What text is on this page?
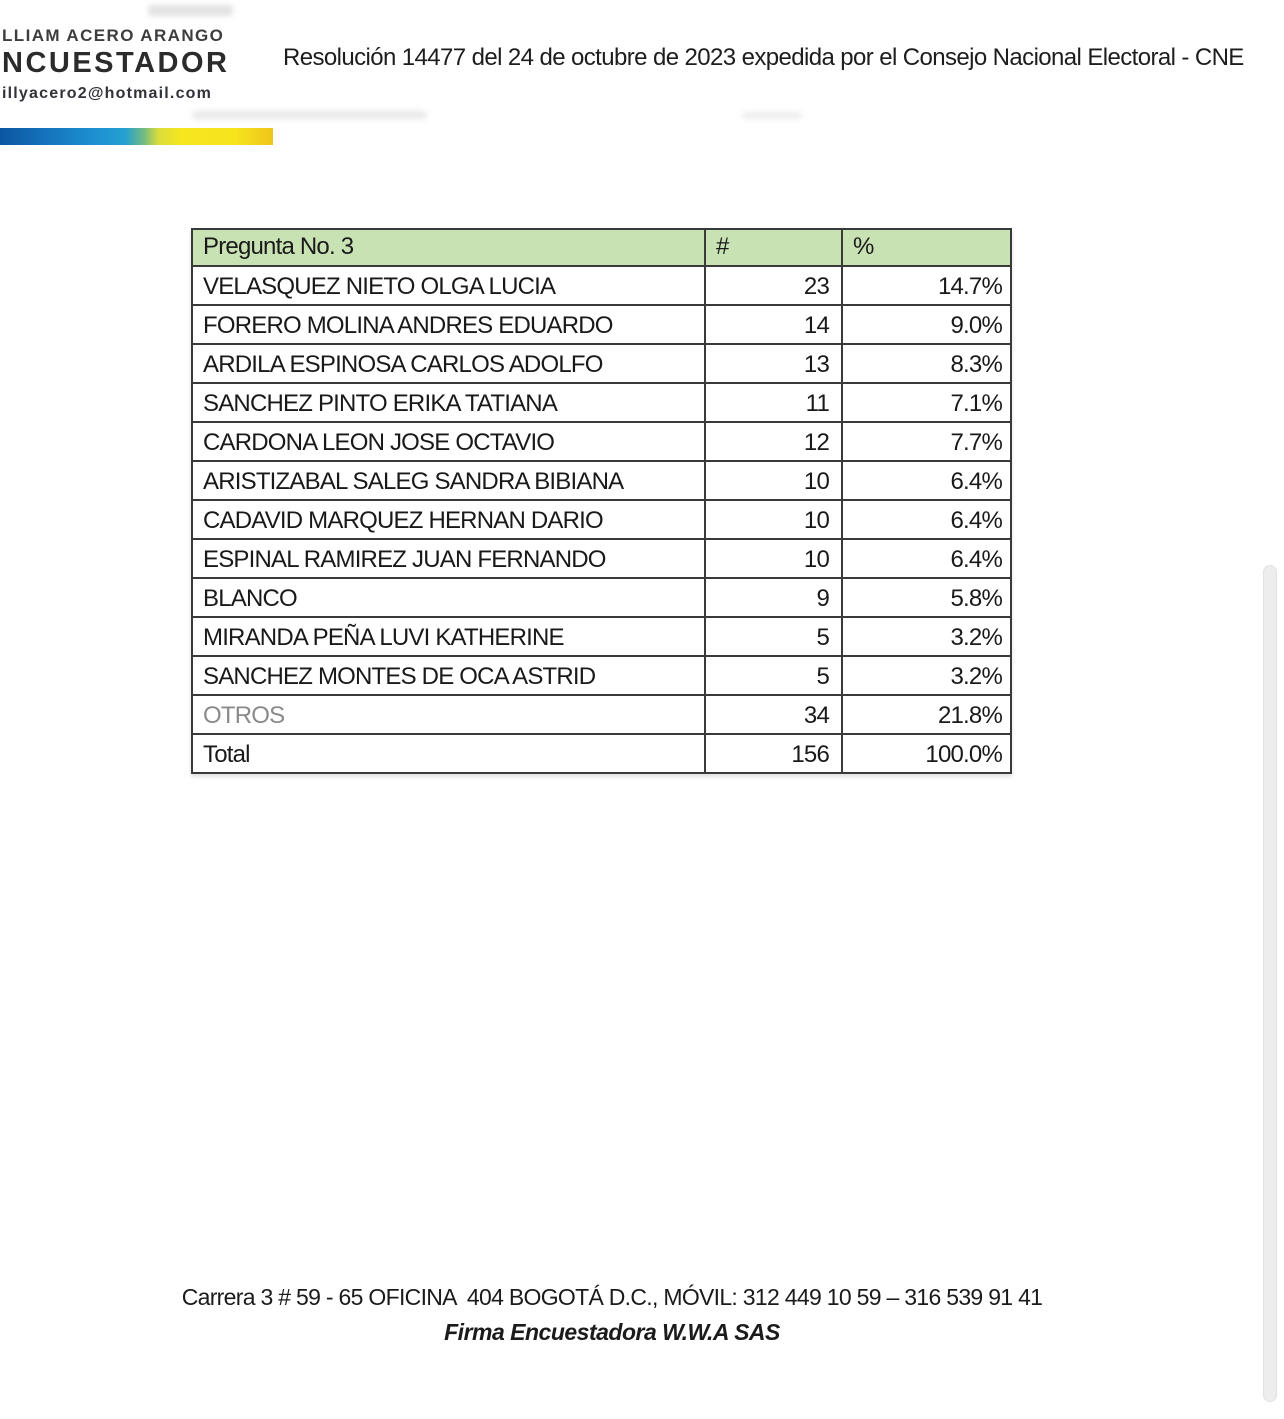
LLIAM ACERO ARANGO
NCUESTADOR
illyacero2@hotmail.com
Resolución 14477 del 24 de octubre de 2023 expedida por el Consejo Nacional Electoral - CNE
Pregunta No. 3	#	%
VELASQUEZ NIETO OLGA LUCIA	23	14.7%
FORERO MOLINA ANDRES EDUARDO	14	9.0%
ARDILA ESPINOSA CARLOS ADOLFO	13	8.3%
SANCHEZ PINTO ERIKA TATIANA	11	7.1%
CARDONA LEON JOSE OCTAVIO	12	7.7%
ARISTIZABAL SALEG SANDRA BIBIANA	10	6.4%
CADAVID MARQUEZ HERNAN DARIO	10	6.4%
ESPINAL RAMIREZ JUAN FERNANDO	10	6.4%
BLANCO	9	5.8%
MIRANDA PEÑA LUVI KATHERINE	5	3.2%
SANCHEZ MONTES DE OCA ASTRID	5	3.2%
OTROS	34	21.8%
Total	156	100.0%
Carrera 3 # 59 - 65 OFICINA  404 BOGOTÁ D.C., MÓVIL: 312 449 10 59 – 316 539 91 41
Firma Encuestadora W.W.A SAS
